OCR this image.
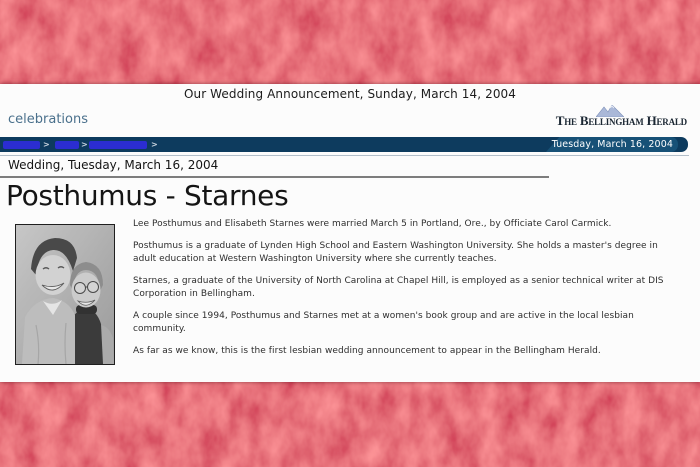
Our Wedding Announcement, Sunday, March 14, 2004
celebrations	The Bellingham Herald
>	>	>	Tuesday, March 16, 2004
Wedding, Tuesday, March 16, 2004
Posthumus - Starnes

Lee Posthumus and Elisabeth Starnes were married March 5 in Portland, Ore., by Officiate Carol Carmick.

Posthumus is a graduate of Lynden High School and Eastern Washington University. She holds a master's degree in
adult education at Western Washington University where she currently teaches.

Starnes, a graduate of the University of North Carolina at Chapel Hill, is employed as a senior technical writer at DIS
Corporation in Bellingham.

A couple since 1994, Posthumus and Starnes met at a women's book group and are active in the local lesbian
community.

As far as we know, this is the first lesbian wedding announcement to appear in the Bellingham Herald.
